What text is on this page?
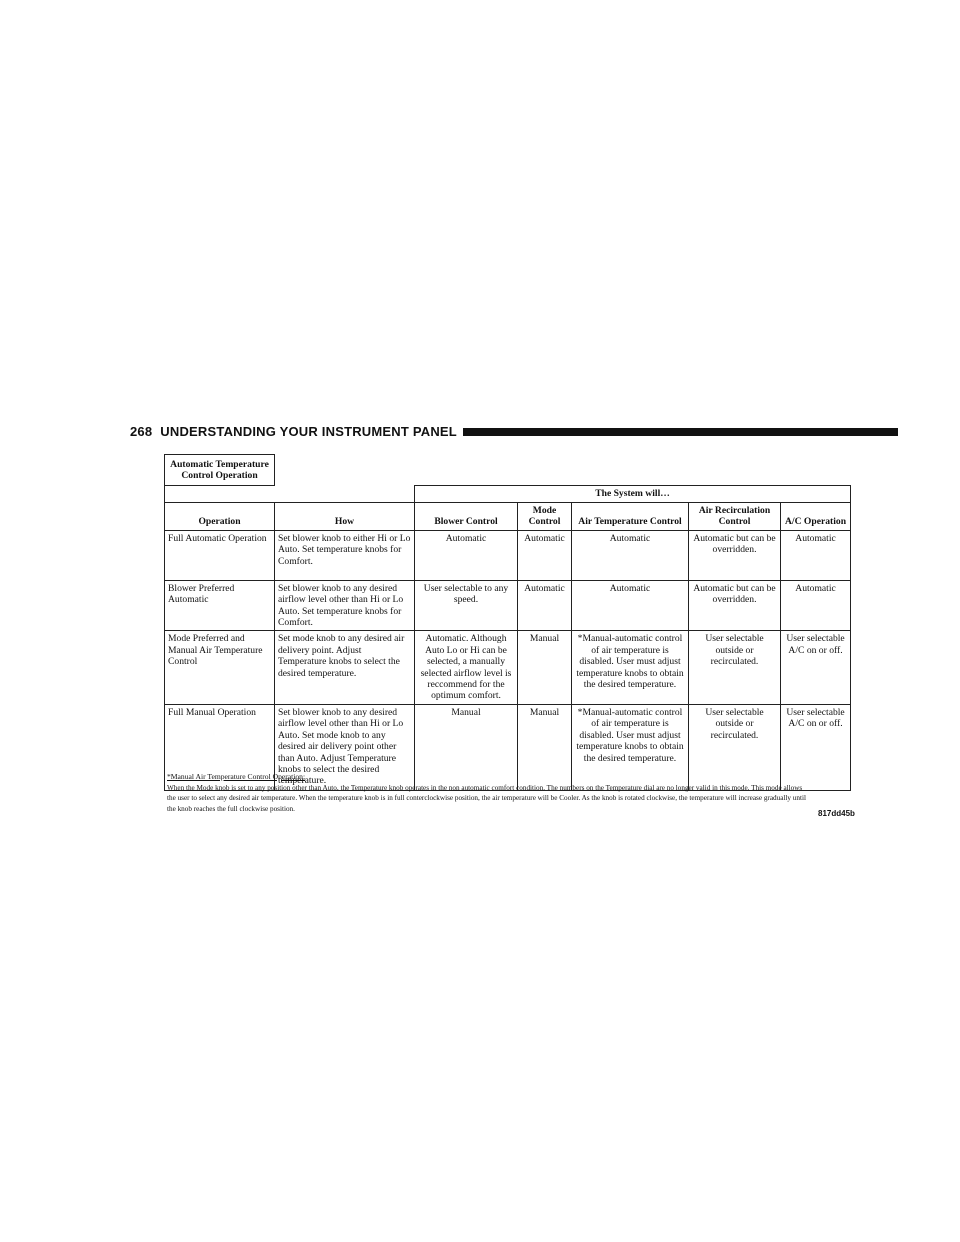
268 UNDERSTANDING YOUR INSTRUMENT PANEL
Automatic Temperature Control Operation						
		The System will…				
Operation	How	Blower Control	Mode Control	Air Temperature Control	Air Recirculation Control	A/C Operation
Full Automatic Operation	Set blower knob to either Hi or Lo Auto. Set temperature knobs for Comfort.	Automatic	Automatic	Automatic	Automatic but can be overridden.	Automatic
Blower Preferred Automatic	Set blower knob to any desired airflow level other than Hi or Lo Auto. Set temperature knobs for Comfort.	User selectable to any speed.	Automatic	Automatic	Automatic but can be overridden.	Automatic
Mode Preferred and Manual Air Temperature Control	Set mode knob to any desired air delivery point. Adjust Temperature knobs to select the desired temperature.	Automatic. Although Auto Lo or Hi can be selected, a manually selected airflow level is reccommend for the optimum comfort.	Manual	*Manual-automatic control of air temperature is disabled. User must adjust temperature knobs to obtain the desired temperature.	User selectable outside or recirculated.	User selectable A/C on or off.
Full Manual Operation	Set blower knob to any desired airflow level other than Hi or Lo Auto. Set mode knob to any desired air delivery point other than Auto. Adjust Temperature knobs to select the desired temperature.	Manual	Manual	*Manual-automatic control of air temperature is disabled. User must adjust temperature knobs to obtain the desired temperature.	User selectable outside or recirculated.	User selectable A/C on or off.

*Manual Air Temperature Control Operation:

When the Mode knob is set to any position other than Auto, the Temperature knob operates in the non automatic comfort condition. The numbers on the Temperature dial are no longer valid in this mode. This mode allows the user to select any desired air temperature. When the temperature knob is in full conterclockwise position, the air temperature will be Cooler. As the knob is rotated clockwise, the temperature will increase gradually until the knob reaches the full clockwise position.

817dd45b
